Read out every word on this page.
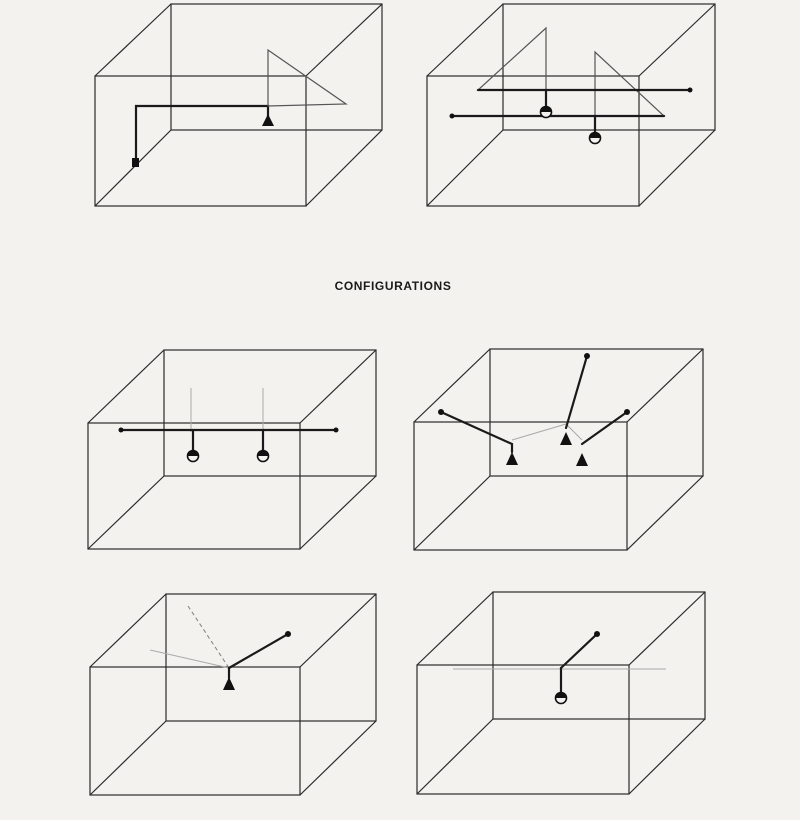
CONFIGURATIONS
